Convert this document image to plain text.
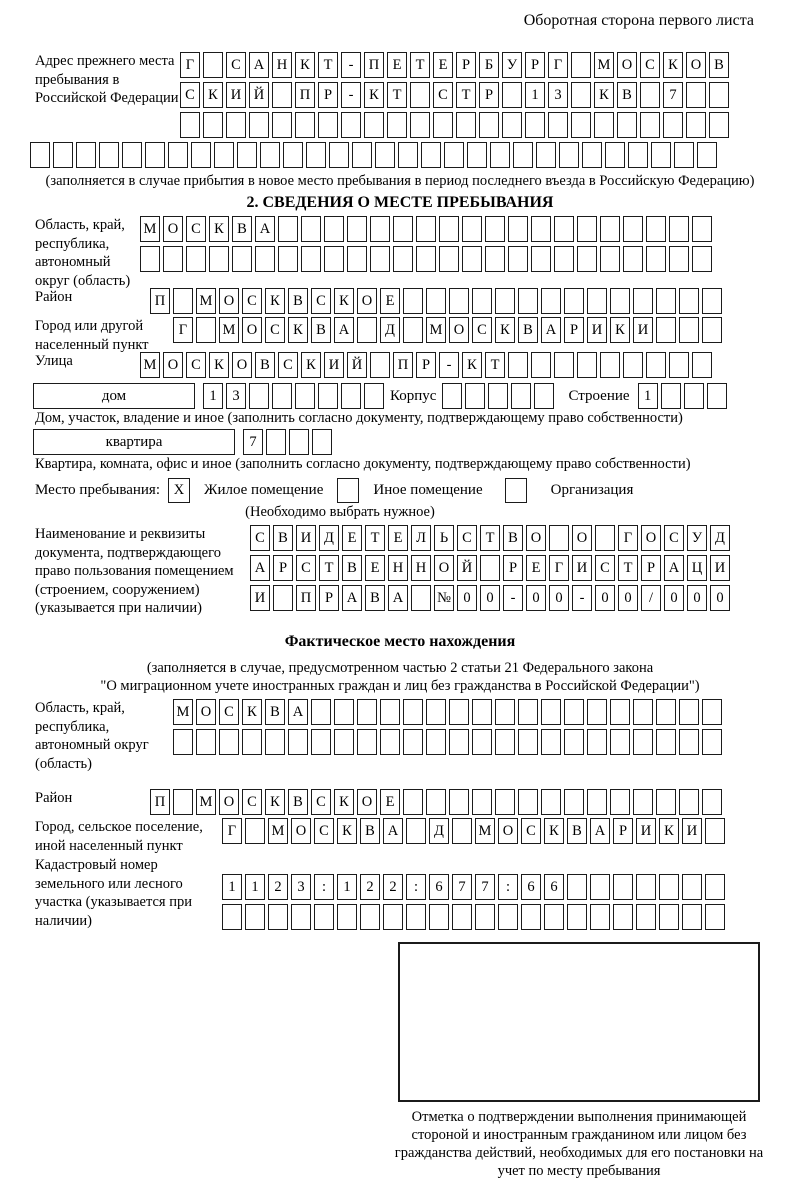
Оборотная сторона первого листа
Адрес прежнего места пребывания в Российской Федерации
Г	С А Н К Т	-	П Е Т Е	Р	Б У Р	Г	М О С К О В
С К И Й	П Р	-	К Т	С Т	Р	1	3	К В	7
(заполняется в случае прибытия в новое место пребывания в период последнего въезда в Российскую Федерацию)
2. СВЕДЕНИЯ О МЕСТЕ ПРЕБЫВАНИЯ
Область, край, республика, автономный округ (область)
М О С К В А
Район	П	М О С К В С К О Е
Город или другой населенный пункт
Г	М О С К В А	Д	М О С К В А Р И К И
Улица	М О С К О В С К И Й	П Р	-	К Т
дом	1	3	Корпус	Строение 1
Дом, участок, владение и иное (заполнить согласно документу, подтверждающему право собственности)
квартира	7
Квартира, комната, офис и иное (заполнить согласно документу, подтверждающему право собственности)
Место пребывания: X	Жилое помещение	Иное помещение	Организация
(Необходимо выбрать нужное)
Наименование и реквизиты документа, подтверждающего право пользования помещением (строением, сооружением) (указывается при наличии)
С В И Д Е Т Е Л Ь С Т В О	О	Г О С У Д
А Р С Т В Е Н Н О Й	Р	Е Г И С Т	Р А Ц И
И	П Р А В А	№ 0	0	-	0	0	-	0	0	/	0	0	0
Фактическое место нахождения
(заполняется в случае, предусмотренном частью 2 статьи 21 Федерального закона
"О миграционном учете иностранных граждан и лиц без гражданства в Российской Федерации")
Область, край, республика, автономный округ (область)
М О С К В А
Район	П	М О С К В С К О Е
Город, сельское поселение, иной населенный пункт
Г	М О С К В А	Д	М О С К В А Р И К И
Кадастровый номер земельного или лесного участка (указывается при наличии)
1	1	2	3	:	1	2	2	:	6	7	7	:	6	6
Отметка о подтверждении выполнения принимающей стороной и иностранным гражданином или лицом без гражданства действий, необходимых для его постановки на учет по месту пребывания
